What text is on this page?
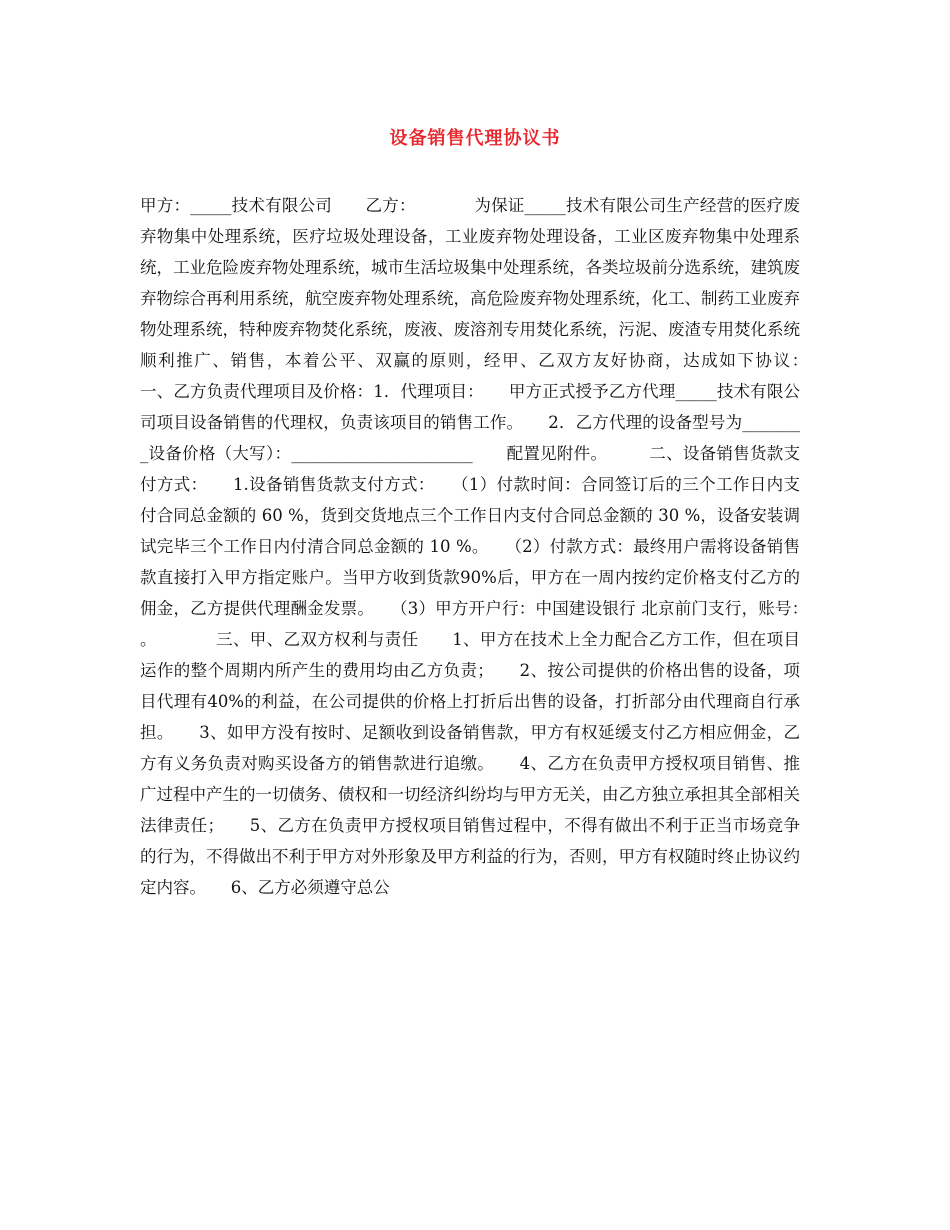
设备销售代理协议书

甲方：_____技术有限公司　　乙方：　　　　为保证_____技术有限公司生产经营的医疗废弃物集中处理系统，医疗垃圾处理设备，工业废弃物处理设备，工业区废弃物集中处理系统，工业危险废弃物处理系统，城市生活垃圾集中处理系统，各类垃圾前分选系统，建筑废弃物综合再利用系统，航空废弃物处理系统，高危险废弃物处理系统，化工、制药工业废弃物处理系统，特种废弃物焚化系统，废液、废溶剂专用焚化系统，污泥、废渣专用焚化系统顺利推广、销售，本着公平、双赢的原则，经甲、乙双方友好协商，达成如下协议：　　一、乙方负责代理项目及价格：1．代理项目：　　甲方正式授予乙方代理_____技术有限公司项目设备销售的代理权，负责该项目的销售工作。　　2．乙方代理的设备型号为________设备价格（大写）：______________________　　配置见附件。　　　二、设备销售货款支付方式：　　1.设备销售货款支付方式：　　（1）付款时间：合同签订后的三个工作日内支付合同总金额的 60 %，货到交货地点三个工作日内支付合同总金额的 30 %，设备安装调试完毕三个工作日内付清合同总金额的 10 %。　　（2）付款方式：最终用户需将设备销售款直接打入甲方指定账户。当甲方收到货款90%后，甲方在一周内按约定价格支付乙方的佣金，乙方提供代理酬金发票。　　（3）甲方开户行：中国建设银行 北京前门支行，账号：　　。　　　　三、甲、乙双方权利与责任　　1、甲方在技术上全力配合乙方工作，但在项目运作的整个周期内所产生的费用均由乙方负责；　　2、按公司提供的价格出售的设备，项目代理有40%的利益，在公司提供的价格上打折后出售的设备，打折部分由代理商自行承担。　　3、如甲方没有按时、足额收到设备销售款，甲方有权延缓支付乙方相应佣金，乙方有义务负责对购买设备方的销售款进行追缴。　　4、乙方在负责甲方授权项目销售、推广过程中产生的一切债务、债权和一切经济纠纷均与甲方无关，由乙方独立承担其全部相关法律责任；　　5、乙方在负责甲方授权项目销售过程中，不得有做出不利于正当市场竞争的行为，不得做出不利于甲方对外形象及甲方利益的行为，否则，甲方有权随时终止协议约定内容。　　6、乙方必须遵守总公
